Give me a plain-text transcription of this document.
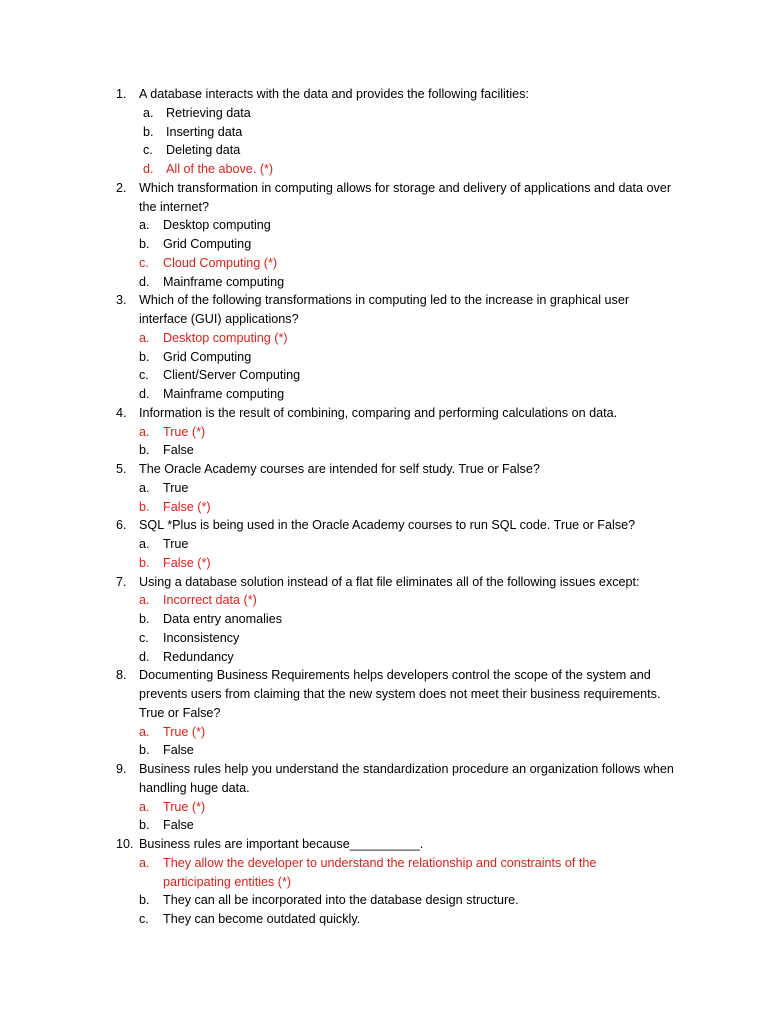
1. A database interacts with the data and provides the following facilities:
a. Retrieving data
b. Inserting data
c. Deleting data
d. All of the above. (*)
2. Which transformation in computing allows for storage and delivery of applications and data over the internet?
a. Desktop computing
b. Grid Computing
c. Cloud Computing (*)
d. Mainframe computing
3. Which of the following transformations in computing led to the increase in graphical user interface (GUI) applications?
a. Desktop computing (*)
b. Grid Computing
c. Client/Server Computing
d. Mainframe computing
4. Information is the result of combining, comparing and performing calculations on data.
a. True (*)
b. False
5. The Oracle Academy courses are intended for self study. True or False?
a. True
b. False (*)
6. SQL *Plus is being used in the Oracle Academy courses to run SQL code. True or False?
a. True
b. False (*)
7. Using a database solution instead of a flat file eliminates all of the following issues except:
a. Incorrect data (*)
b. Data entry anomalies
c. Inconsistency
d. Redundancy
8. Documenting Business Requirements helps developers control the scope of the system and prevents users from claiming that the new system does not meet their business requirements. True or False?
a. True (*)
b. False
9. Business rules help you understand the standardization procedure an organization follows when handling huge data.
a. True (*)
b. False
10. Business rules are important because__________.
a. They allow the developer to understand the relationship and constraints of the participating entities (*)
b. They can all be incorporated into the database design structure.
c. They can become outdated quickly.
